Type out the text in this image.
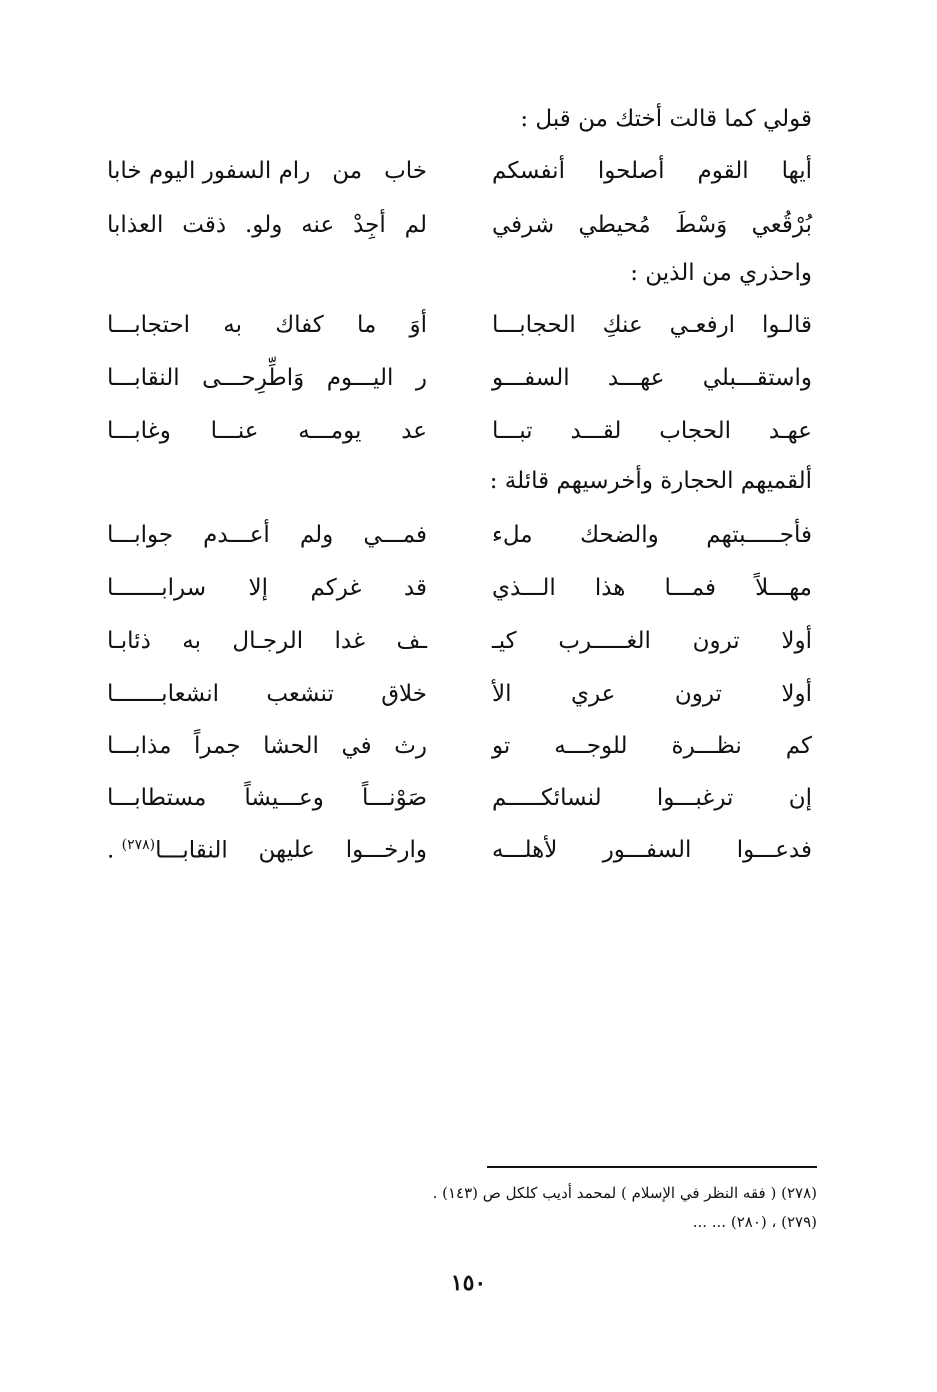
قولي كما قالت أختك من قبل :
أيها
القوم
أصلحوا
أنفسكم
خاب
من
رام السفور اليوم خابا
بُرْقُعي
وَسْطَ
مُحيطي
شرفي
لم
أجِدْ
عنه
ولو.
ذقت
العذابا
واحذري من الذين :
قالـوا
ارفعـي
عنكِ
الحجابـــا
أوَ
ما
كفاك
به
احتجابـــا
واستقـــبلي
عهـــد
السفـــو
ر
اليـــوم
وَاطِّرِحـــى
النقابـــا
عهـد
الحجاب
لقـــد
تبـــا
عد
يومـــه
عنـــا
وغابـــا
ألقميهم الحجارة وأخرسيهم قائلة :
فأجـــــبتهم
والضحك
ملء
فمـــي
ولم
أعـــدم
جوابـــا
مهـــلاً
فمـــا
هذا
الـــذي
قد
غركم
إلا
سرابـــــــا
أولا
ترون
الغـــــرب
كيـ
ـف
غدا
الرجـال
به
ذئابـا
أولا
ترون
عري
الأ
خلاق
تنشعب
انشعابـــــــا
كم
نظـــرة
للوجـــه
تو
رث
في
الحشا
جمراً
مذابـــا
إن
ترغبـــوا
لنسائكـــــم
صَوْنـــاً
وعـــيشاً
مستطابـــا
فدعـــوا
السفـــور
لأهلـــه
وارخـــوا
عليهن
النقابـــا$^{(٢٧٨)}$ .
(٢٧٨) ( فقه النظر في الإسلام ) لمحمد أديب كلكل ص (١٤٣) .
(٢٧٩) ، (٢٨٠) ... ...
١٥٠
